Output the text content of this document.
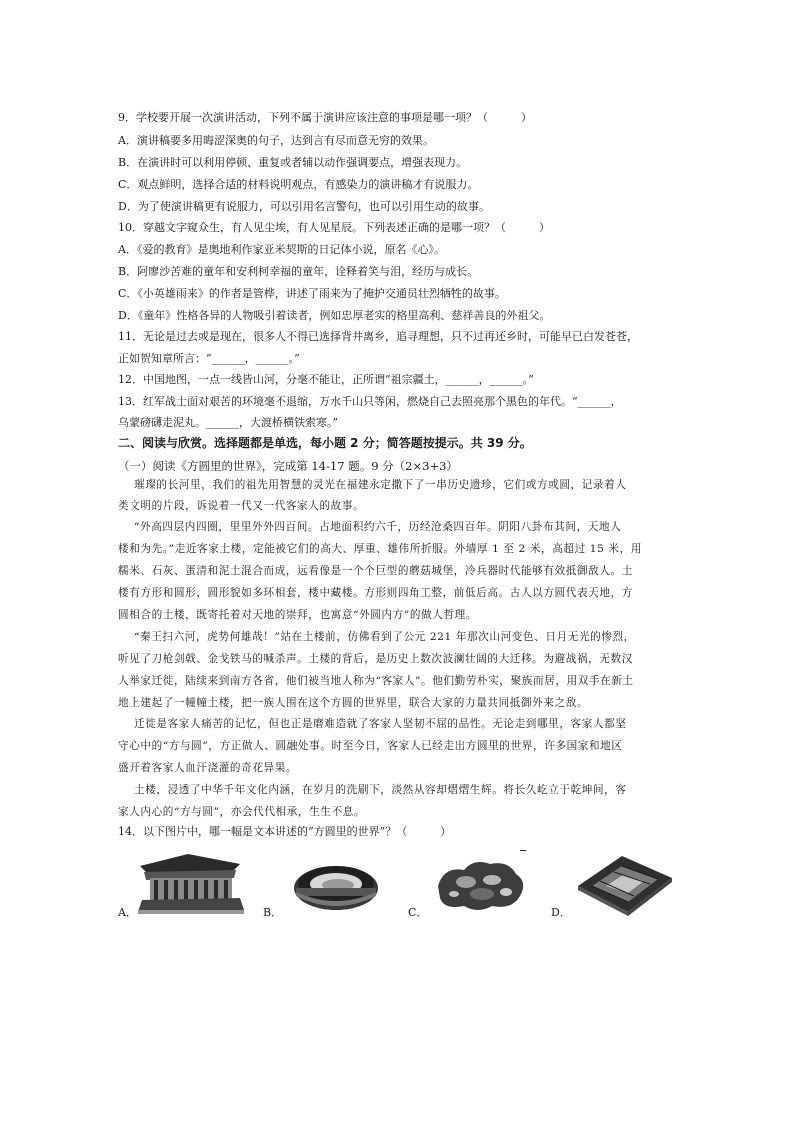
9．学校要开展一次演讲活动，下列不属于演讲应该注意的事项是哪一项？（　　　）
A．演讲稿要多用晦涩深奥的句子，达到言有尽而意无穷的效果。
B．在演讲时可以利用停顿、重复或者辅以动作强调要点，增强表现力。
C．观点鲜明，选择合适的材料说明观点，有感染力的演讲稿才有说服力。
D．为了使演讲稿更有说服力，可以引用名言警句，也可以引用生动的故事。
10．穿越文字窥众生，有人见尘埃，有人见星辰。下列表述正确的是哪一项？（　　　）
A．《爱的教育》是奥地利作家亚米契斯的日记体小说，原名《心》。
B．阿廖沙苦难的童年和安利柯幸福的童年，诠释着笑与泪，经历与成长。
C．《小英雄雨来》的作者是管桦，讲述了雨来为了掩护交通员壮烈牺牲的故事。
D．《童年》性格各异的人物吸引着读者，例如忠厚老实的格里高利、慈祥善良的外祖父。
11．无论是过去或是现在，很多人不得已选择背井离乡，追寻理想，只不过再还乡时，可能早已白发苍苍，
正如贺知章所言：“______，______。”
12．中国地图，一点一线皆山河，分毫不能让，正所谓“祖宗疆土，______，______。”
13．红军战士面对艰苦的环境毫不退缩，万水千山只等闲，燃烧自己去照亮那个黑色的年代。“______，
乌蒙磅礴走泥丸。______，大渡桥横铁索寒。”
二、阅读与欣赏。选择题都是单选，每小题 2 分；简答题按提示。共 39 分。
（一）阅读《方圆里的世界》，完成第 14-17 题。9 分（2×3+3）
璀璨的长河里，我们的祖先用智慧的灵光在福建永定撒下了一串历史遗珍，它们或方或圆，记录着人
类文明的片段，诉说着一代又一代客家人的故事。
“外高四层内四圈，里里外外四百间。占地面积约六千，历经沧桑四百年。阴阳八卦布其间，天地人
楼和为先。”走近客家土楼，定能被它们的高大、厚重、雄伟所折服。外墙厚 1 至 2 米，高超过 15 米，用
糯米、石灰、蛋清和泥土混合而成，远看像是一个个巨型的蘑菇城堡，冷兵器时代能够有效抵御敌人。土
楼有方形和圆形，圆形貌如多环相套，楼中藏楼。方形则四角工整，前低后高。古人以方圆代表天地，方
圆相合的土楼，既寄托着对天地的崇拜，也寓意“外圆内方”的做人哲理。
“秦王扫六河，虎势何雄哉！”站在土楼前，仿佛看到了公元 221 年那次山河变色、日月无光的惨烈，
听见了刀枪剑戟、金戈铁马的喊杀声。土楼的背后，是历史上数次波澜壮阔的大迁移。为避战祸，无数汉
人举家迁徙，陆续来到南方各省，他们被当地人称为“客家人”。他们勤劳朴实，聚族而居，用双手在新土
地上建起了一幢幢土楼，把一族人围在这个方圆的世界里，联合大家的力量共同抵御外来之敌。
迁徙是客家人痛苦的记忆，但也正是磨难造就了客家人坚韧不屈的品性。无论走到哪里，客家人都坚
守心中的“方与圆”，方正做人、圆融处事。时至今日，客家人已经走出方圆里的世界，许多国家和地区
盛开着客家人血汗浇灌的奇花异果。
土楼，浸透了中华千年文化内涵，在岁月的洗刷下，淡然从容却熠熠生辉。将长久屹立于乾坤间，客
家人内心的“方与圆”，亦会代代相承，生生不息。
14．以下图片中，哪一幅是文本讲述的“方圆里的世界”？（　　　）
A．	B．	C．	D．
